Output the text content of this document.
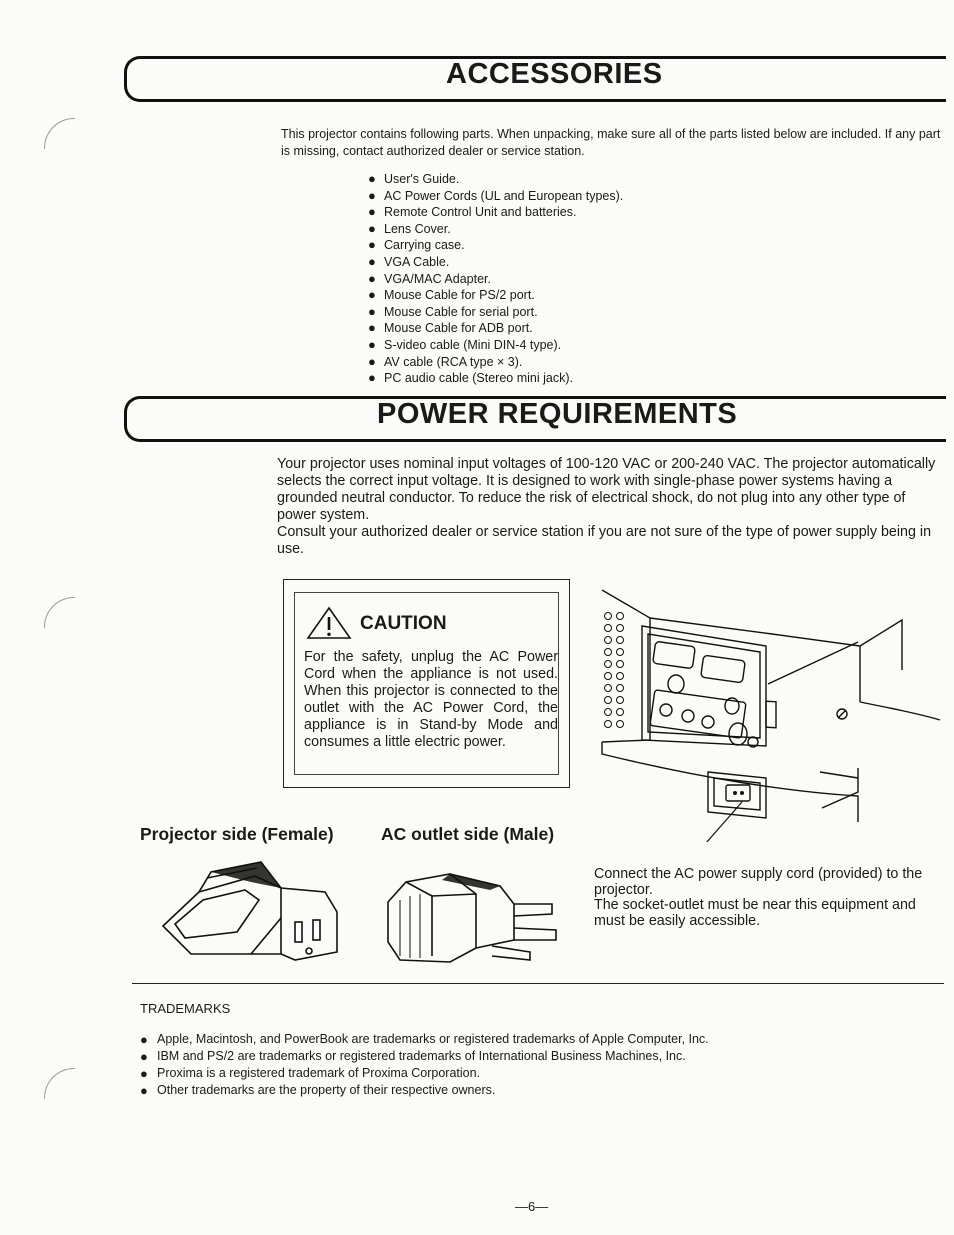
ACCESSORIES
This projector contains following parts. When unpacking, make sure all of the parts listed below are included. If any part is missing, contact authorized dealer or service station.
● User's Guide.
● AC Power Cords (UL and European types).
● Remote Control Unit and batteries.
● Lens Cover.
● Carrying case.
● VGA Cable.
● VGA/MAC Adapter.
● Mouse Cable for PS/2 port.
● Mouse Cable for serial port.
● Mouse Cable for ADB port.
● S-video cable (Mini DIN-4 type).
● AV cable (RCA type × 3).
● PC audio cable (Stereo mini jack).
POWER REQUIREMENTS

Your projector uses nominal input voltages of 100-120 VAC or 200-240 VAC. The projector automatically selects the correct input voltage. It is designed to work with single-phase power systems having a grounded neutral conductor. To reduce the risk of electrical shock, do not plug into any other type of power system.

Consult your authorized dealer or service station if you are not sure of the type of power supply being in use.

CAUTION
For the safety, unplug the AC Power Cord when the appliance is not used. When this projector is connected to the outlet with the AC Power Cord, the appliance is in Stand-by Mode and consumes a little electric power.
Projector side (Female)	AC outlet side (Male)

Connect the AC power supply cord (provided) to the projector.

The socket-outlet must be near this equipment and must be easily accessible.

TRADEMARKS
● Apple, Macintosh, and PowerBook are trademarks or registered trademarks of Apple Computer, Inc.
● IBM and PS/2 are trademarks or registered trademarks of International Business Machines, Inc.
● Proxima is a registered trademark of Proxima Corporation.
● Other trademarks are the property of their respective owners.
—6—
